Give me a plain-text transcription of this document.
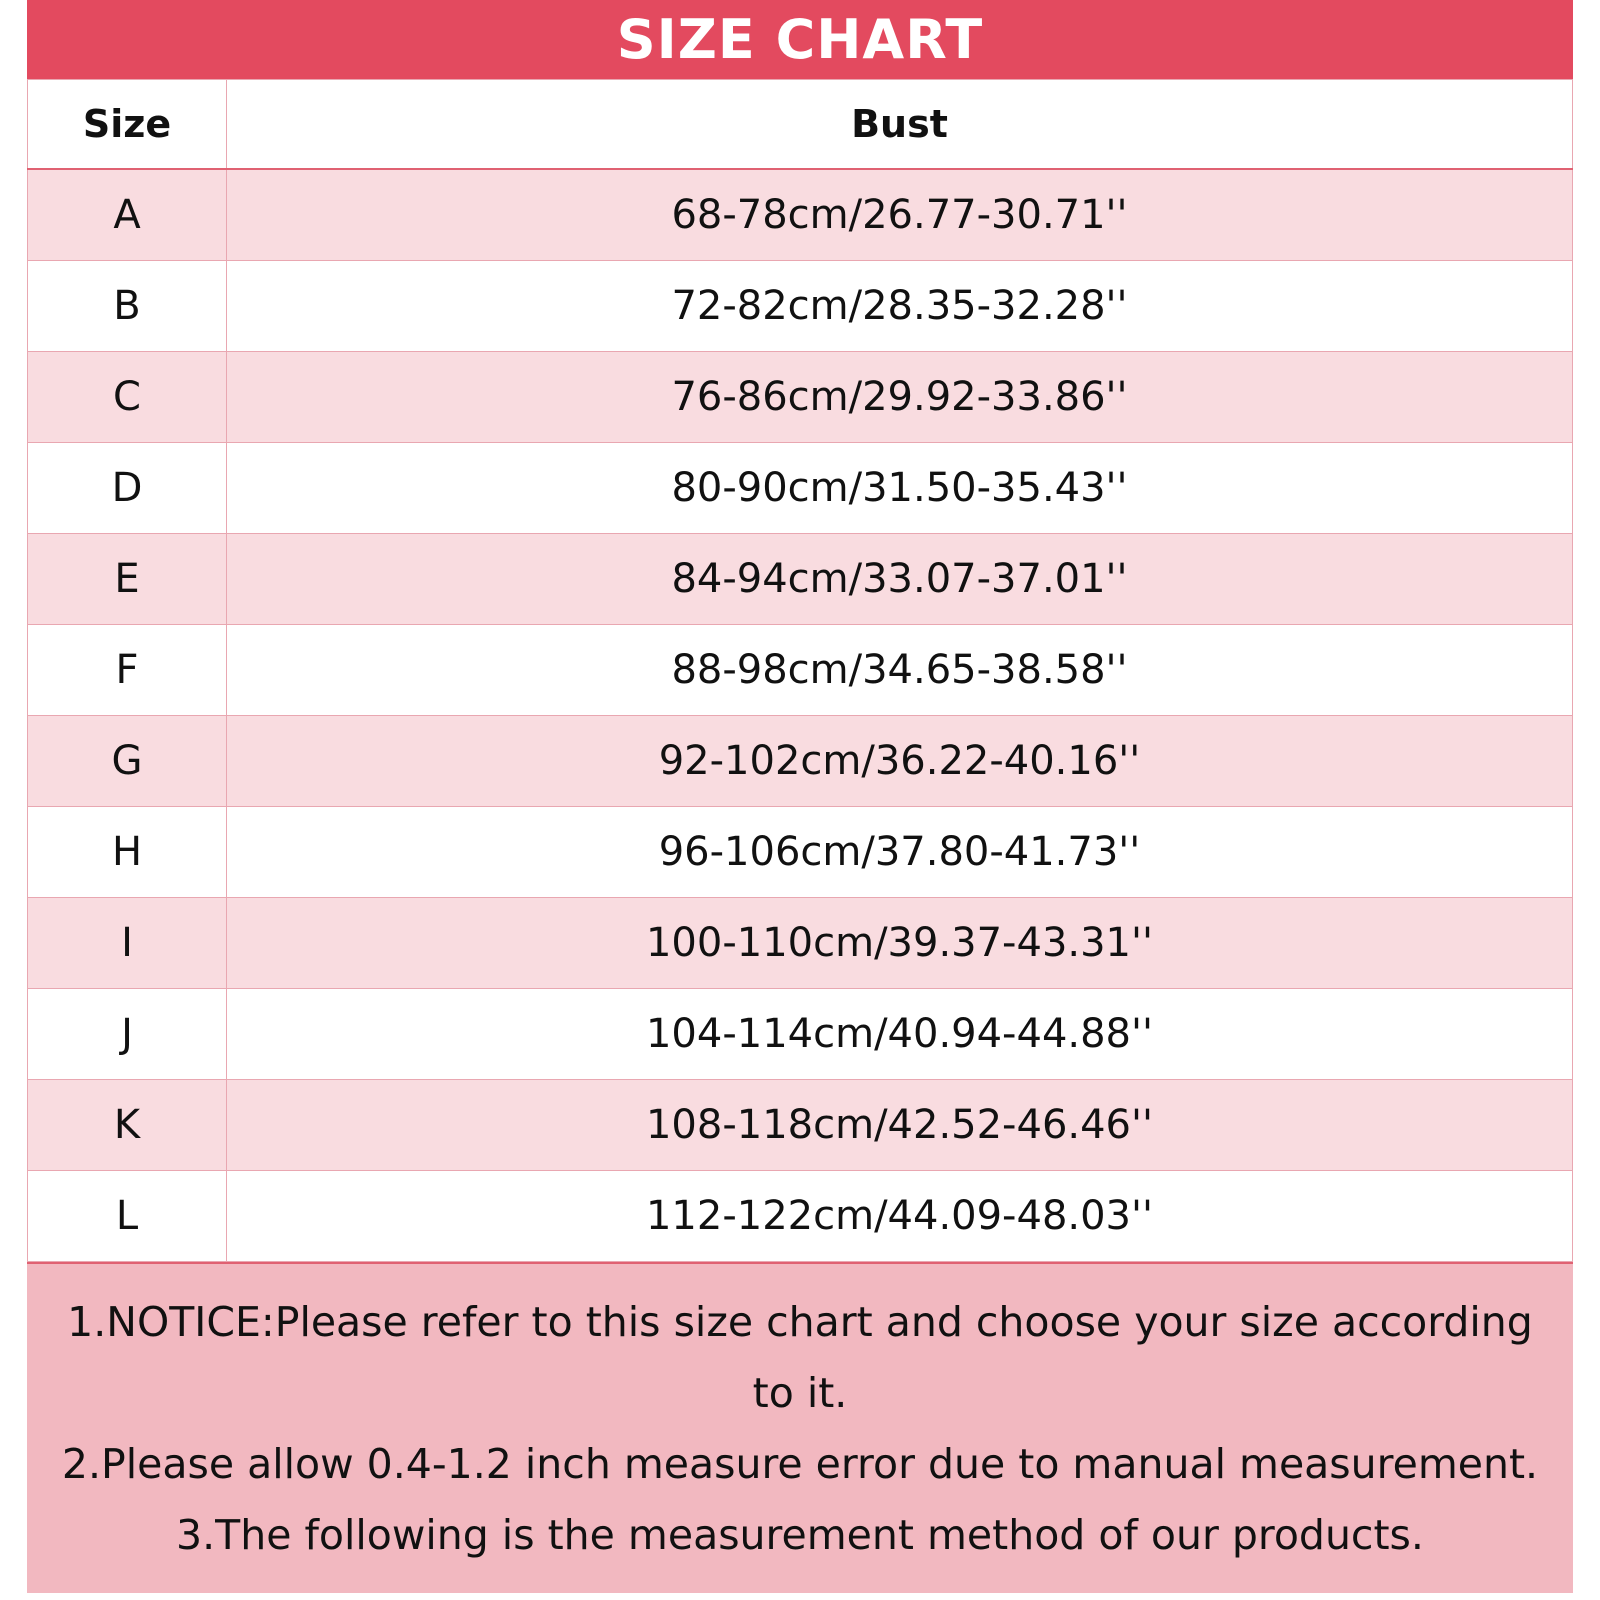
SIZE CHART
Size	Bust
A	68-78cm/26.77-30.71''
B	72-82cm/28.35-32.28''
C	76-86cm/29.92-33.86''
D	80-90cm/31.50-35.43''
E	84-94cm/33.07-37.01''
F	88-98cm/34.65-38.58''
G	92-102cm/36.22-40.16''
H	96-106cm/37.80-41.73''
I	100-110cm/39.37-43.31''
J	104-114cm/40.94-44.88''
K	108-118cm/42.52-46.46''
L	112-122cm/44.09-48.03''
1.NOTICE:Please refer to this size chart and choose your size according to it.
2.Please allow 0.4-1.2 inch measure error due to manual measurement.
3.The following is the measurement method of our products.
